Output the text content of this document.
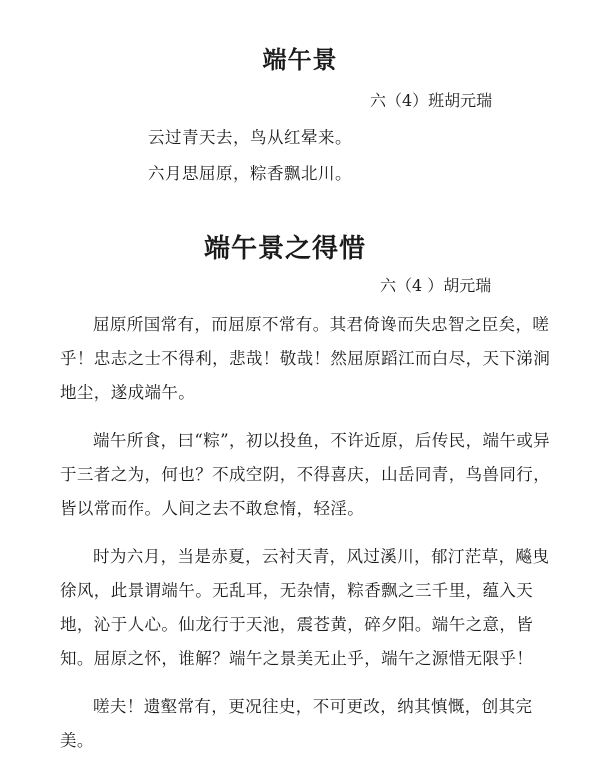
端午景
六（4）班胡元瑞
云过青天去，鸟从红晕来。
六月思屈原，粽香飘北川。
端午景之得惜
六（4 ）胡元瑞

屈原所国常有，而屈原不常有。其君倚谗而失忠智之臣矣，嗟乎！忠志之士不得利，悲哉！敬哉！然屈原蹈江而白尽，天下涕涧地尘，遂成端午。

端午所食，曰“粽”，初以投鱼，不许近原，后传民，端午或异于三者之为，何也？不成空阴，不得喜庆，山岳同青，鸟兽同行，皆以常而作。人间之去不敢怠惰，轻淫。

时为六月，当是赤夏，云衬天青，风过溪川，郁汀茫草，飚曳徐风，此景谓端午。无乱耳，无杂情，粽香飘之三千里，蕴入天地，沁于人心。仙龙行于天池，震苍黄，碎夕阳。端午之意，皆知。屈原之怀，谁解？端午之景美无止乎，端午之源惜无限乎！

嗟夫！遗壑常有，更况往史，不可更改，纳其慎慨，创其完美。
